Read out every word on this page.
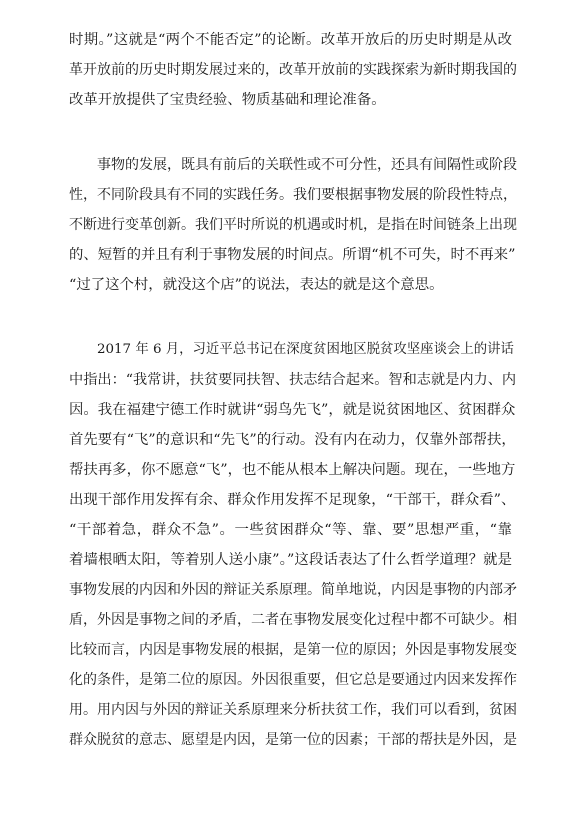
时期。”这就是“两个不能否定”的论断。改革开放后的历史时期是从改
革开放前的历史时期发展过来的，改革开放前的实践探索为新时期我国的
改革开放提供了宝贵经验、物质基础和理论准备。
事物的发展，既具有前后的关联性或不可分性，还具有间隔性或阶段
性，不同阶段具有不同的实践任务。我们要根据事物发展的阶段性特点，
不断进行变革创新。我们平时所说的机遇或时机，是指在时间链条上出现
的、短暂的并且有利于事物发展的时间点。所谓“机不可失，时不再来”
“过了这个村，就没这个店”的说法，表达的就是这个意思。
2017 年 6 月，习近平总书记在深度贫困地区脱贫攻坚座谈会上的讲话
中指出：“我常讲，扶贫要同扶智、扶志结合起来。智和志就是内力、内
因。我在福建宁德工作时就讲“弱鸟先飞”，就是说贫困地区、贫困群众
首先要有“飞”的意识和“先飞”的行动。没有内在动力，仅靠外部帮扶，
帮扶再多，你不愿意“飞”，也不能从根本上解决问题。现在，一些地方
出现干部作用发挥有余、群众作用发挥不足现象，“干部干，群众看”、
“干部着急，群众不急”。一些贫困群众“等、靠、要”思想严重，“靠
着墙根晒太阳，等着别人送小康”。”这段话表达了什么哲学道理？就是
事物发展的内因和外因的辩证关系原理。简单地说，内因是事物的内部矛
盾，外因是事物之间的矛盾，二者在事物发展变化过程中都不可缺少。相
比较而言，内因是事物发展的根据，是第一位的原因；外因是事物发展变
化的条件，是第二位的原因。外因很重要，但它总是要通过内因来发挥作
用。用内因与外因的辩证关系原理来分析扶贫工作，我们可以看到，贫困
群众脱贫的意志、愿望是内因，是第一位的因素；干部的帮扶是外因，是
